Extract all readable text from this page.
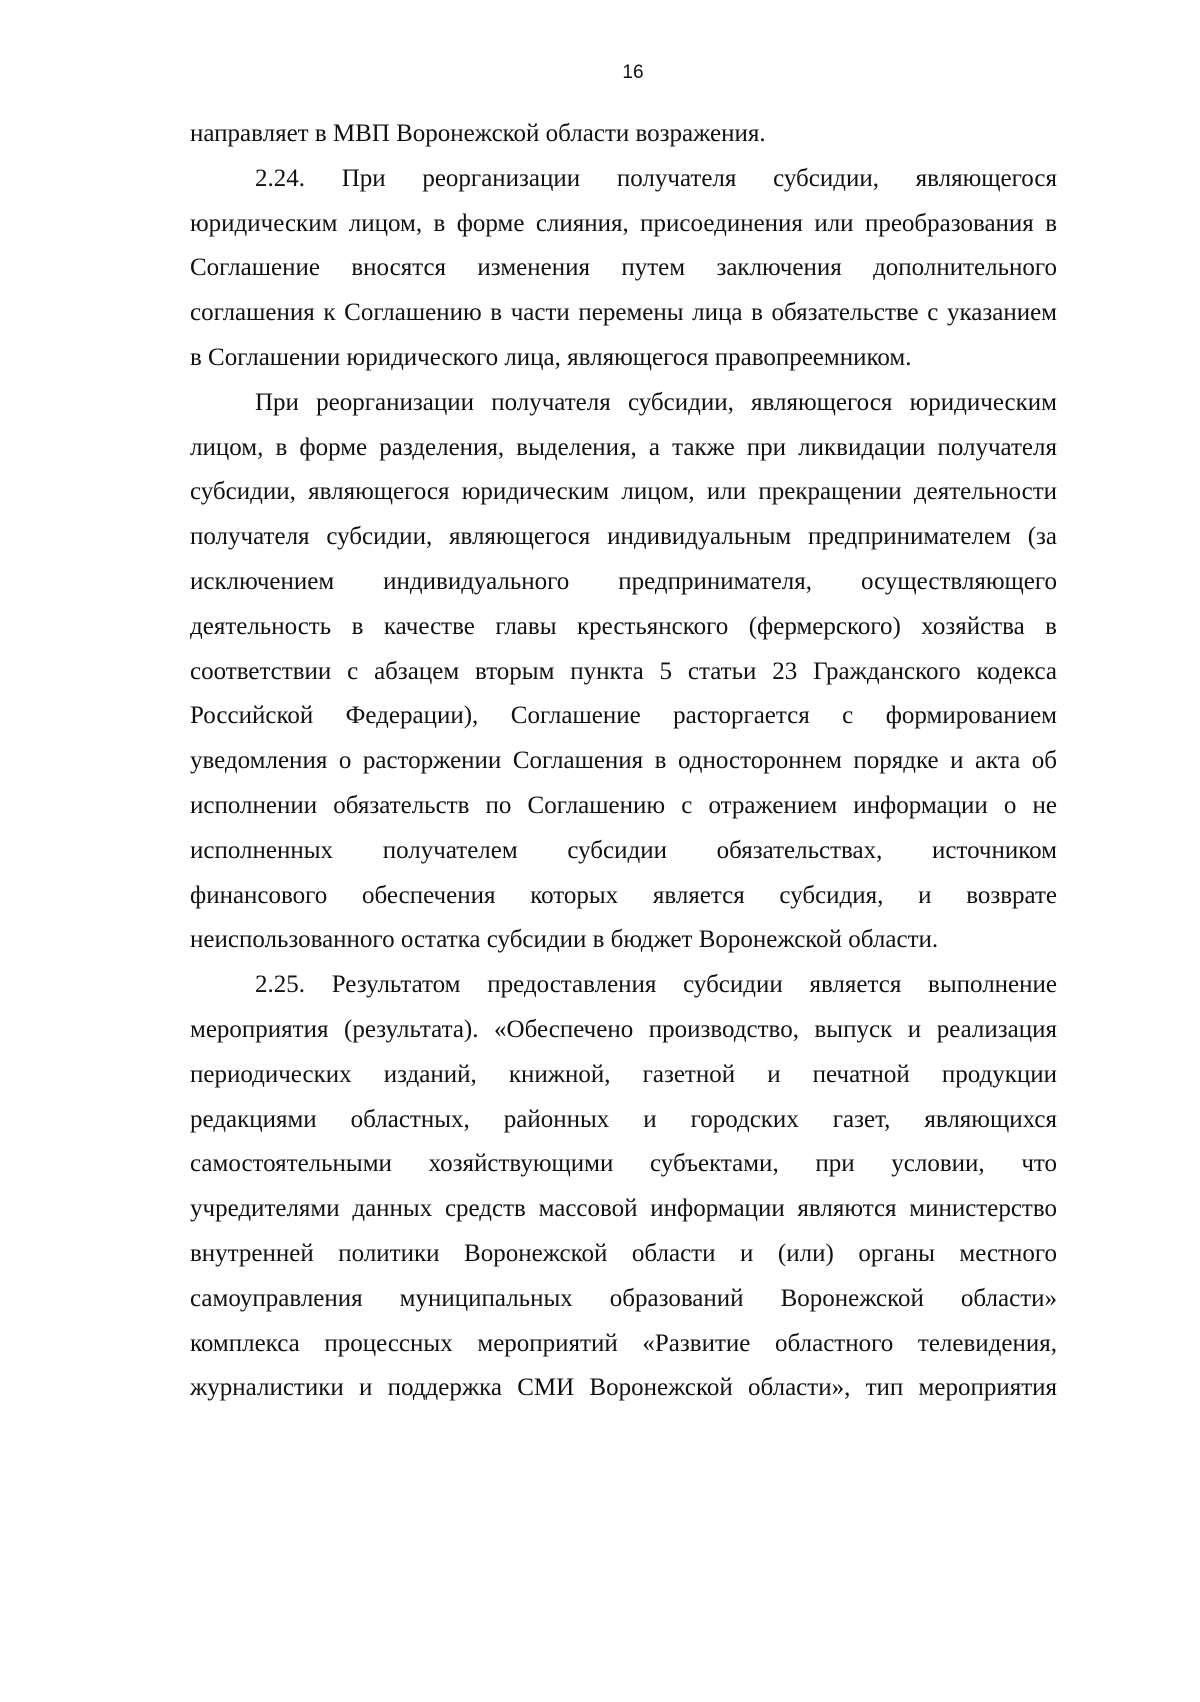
16
направляет в МВП Воронежской области возражения.
2.24. При реорганизации получателя субсидии, являющегося
юридическим лицом, в форме слияния, присоединения или преобразования в
Соглашение вносятся изменения путем заключения дополнительного
соглашения к Соглашению в части перемены лица в обязательстве с указанием
в Соглашении юридического лица, являющегося правопреемником.
При реорганизации получателя субсидии, являющегося юридическим
лицом, в форме разделения, выделения, а также при ликвидации получателя
субсидии, являющегося юридическим лицом, или прекращении деятельности
получателя субсидии, являющегося индивидуальным предпринимателем (за
исключением индивидуального предпринимателя, осуществляющего
деятельность в качестве главы крестьянского (фермерского) хозяйства в
соответствии с абзацем вторым пункта 5 статьи 23 Гражданского кодекса
Российской Федерации), Соглашение расторгается с формированием
уведомления о расторжении Соглашения в одностороннем порядке и акта об
исполнении обязательств по Соглашению с отражением информации о не
исполненных получателем субсидии обязательствах, источником
финансового обеспечения которых является субсидия, и возврате
неиспользованного остатка субсидии в бюджет Воронежской области.
2.25. Результатом предоставления субсидии является выполнение
мероприятия (результата). «Обеспечено производство, выпуск и реализация
периодических изданий, книжной, газетной и печатной продукции
редакциями областных, районных и городских газет, являющихся
самостоятельными хозяйствующими субъектами, при условии, что
учредителями данных средств массовой информации являются министерство
внутренней политики Воронежской области и (или) органы местного
самоуправления муниципальных образований Воронежской области»
комплекса процессных мероприятий «Развитие областного телевидения,
журналистики и поддержка СМИ Воронежской области», тип мероприятия
